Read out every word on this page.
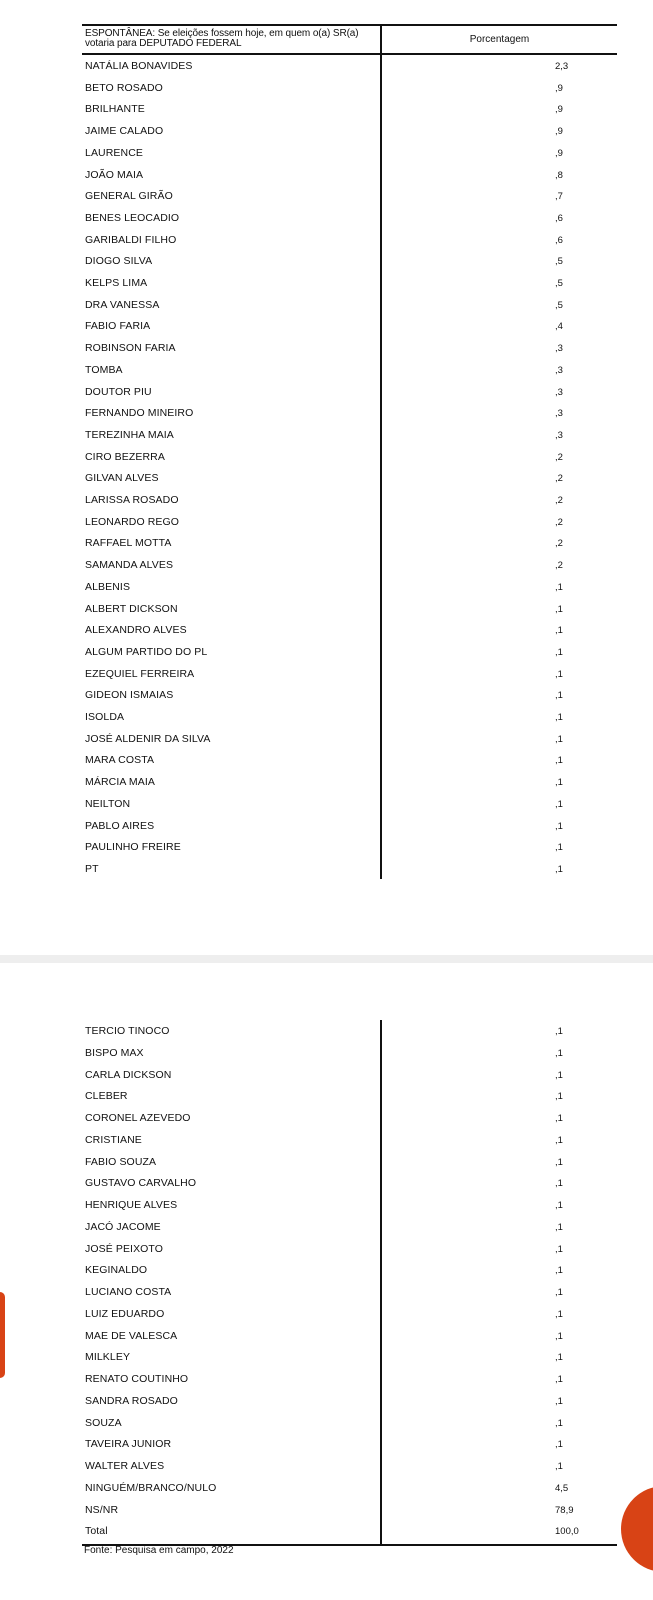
ESPONTÂNEA: Se eleições fossem hoje, em quem o(a) SR(a) votaria para DEPUTADO FEDERAL	Porcentagem
NATÁLIA BONAVIDES	2,3
BETO ROSADO	,9
BRILHANTE	,9
JAIME CALADO	,9
LAURENCE	,9
JOÃO MAIA	,8
GENERAL GIRÃO	,7
BENES LEOCADIO	,6
GARIBALDI FILHO	,6
DIOGO SILVA	,5
KELPS LIMA	,5
DRA VANESSA	,5
FABIO FARIA	,4
ROBINSON FARIA	,3
TOMBA	,3
DOUTOR PIU	,3
FERNANDO MINEIRO	,3
TEREZINHA MAIA	,3
CIRO BEZERRA	,2
GILVAN ALVES	,2
LARISSA ROSADO	,2
LEONARDO REGO	,2
RAFFAEL MOTTA	,2
SAMANDA ALVES	,2
ALBENIS	,1
ALBERT DICKSON	,1
ALEXANDRO ALVES	,1
ALGUM PARTIDO DO PL	,1
EZEQUIEL FERREIRA	,1
GIDEON ISMAIAS	,1
ISOLDA	,1
JOSÉ ALDENIR DA SILVA	,1
MARA COSTA	,1
MÁRCIA MAIA	,1
NEILTON	,1
PABLO AIRES	,1
PAULINHO FREIRE	,1
PT	,1
TERCIO TINOCO	,1
BISPO MAX	,1
CARLA DICKSON	,1
CLEBER	,1
CORONEL AZEVEDO	,1
CRISTIANE	,1
FABIO SOUZA	,1
GUSTAVO CARVALHO	,1
HENRIQUE ALVES	,1
JACÓ JACOME	,1
JOSÉ PEIXOTO	,1
KEGINALDO	,1
LUCIANO COSTA	,1
LUIZ EDUARDO	,1
MAE DE VALESCA	,1
MILKLEY	,1
RENATO COUTINHO	,1
SANDRA ROSADO	,1
SOUZA	,1
TAVEIRA JUNIOR	,1
WALTER ALVES	,1
NINGUÉM/BRANCO/NULO	4,5
NS/NR	78,9
Total	100,0
Fonte: Pesquisa em campo, 2022
